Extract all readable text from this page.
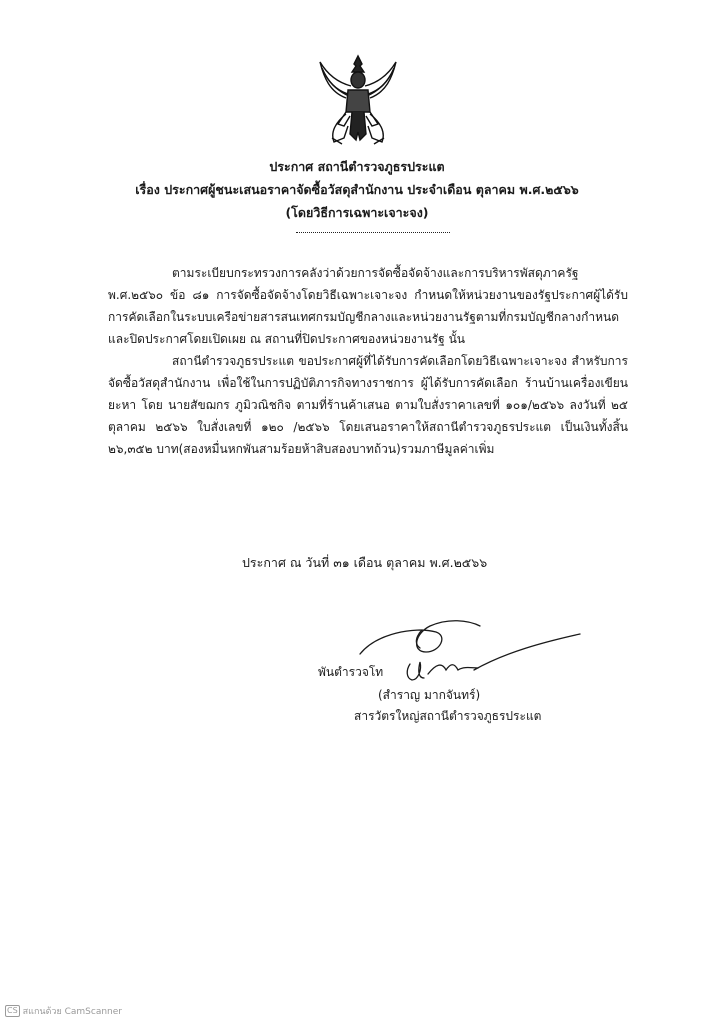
ประกาศ สถานีตำรวจภูธรประแต
เรื่อง ประกาศผู้ชนะเสนอราคาจัดซื้อวัสดุสำนักงาน ประจำเดือน ตุลาคม พ.ศ.๒๕๖๖
(โดยวิธีการเฉพาะเจาะจง)

ตามระเบียบกระทรวงการคลังว่าด้วยการจัดซื้อจัดจ้างและการบริหารพัสดุภาครัฐ พ.ศ.๒๕๖๐ ข้อ ๘๑ การจัดซื้อจัดจ้างโดยวิธีเฉพาะเจาะจง กำหนดให้หน่วยงานของรัฐประกาศผู้ได้รับการคัดเลือกในระบบเครือข่ายสารสนเทศกรมบัญชีกลางและหน่วยงานรัฐตามที่กรมบัญชีกลางกำหนดและปิดประกาศโดยเปิดเผย ณ สถานที่ปิดประกาศของหน่วยงานรัฐ นั้น

สถานีตำรวจภูธรประแต ขอประกาศผู้ที่ได้รับการคัดเลือกโดยวิธีเฉพาะเจาะจง สำหรับการจัดซื้อวัสดุสำนักงาน เพื่อใช้ในการปฏิบัติภารกิจทางราชการ ผู้ได้รับการคัดเลือก ร้านบ้านเครื่องเขียน ยะหา โดย นายสัขฌกร ภูมิวณิชกิจ ตามที่ร้านค้าเสนอ ตามใบสั่งราคาเลขที่ ๑๐๑/๒๕๖๖ ลงวันที่ ๒๕ ตุลาคม ๒๕๖๖ ใบสั่งเลขที่ ๑๒๐ /๒๕๖๖ โดยเสนอราคาให้สถานีตำรวจภูธรประแต เป็นเงินทั้งสิ้น ๒๖,๓๕๒ บาท(สองหมื่นหกพันสามร้อยห้าสิบสองบาทถ้วน)รวมภาษีมูลค่าเพิ่ม

ประกาศ ณ วันที่ ๓๑ เดือน ตุลาคม พ.ศ.๒๕๖๖
พันตำรวจโท
(สำราญ มากจันทร์)
สารวัตรใหญ่สถานีตำรวจภูธรประแต
CS สแกนด้วย CamScanner
